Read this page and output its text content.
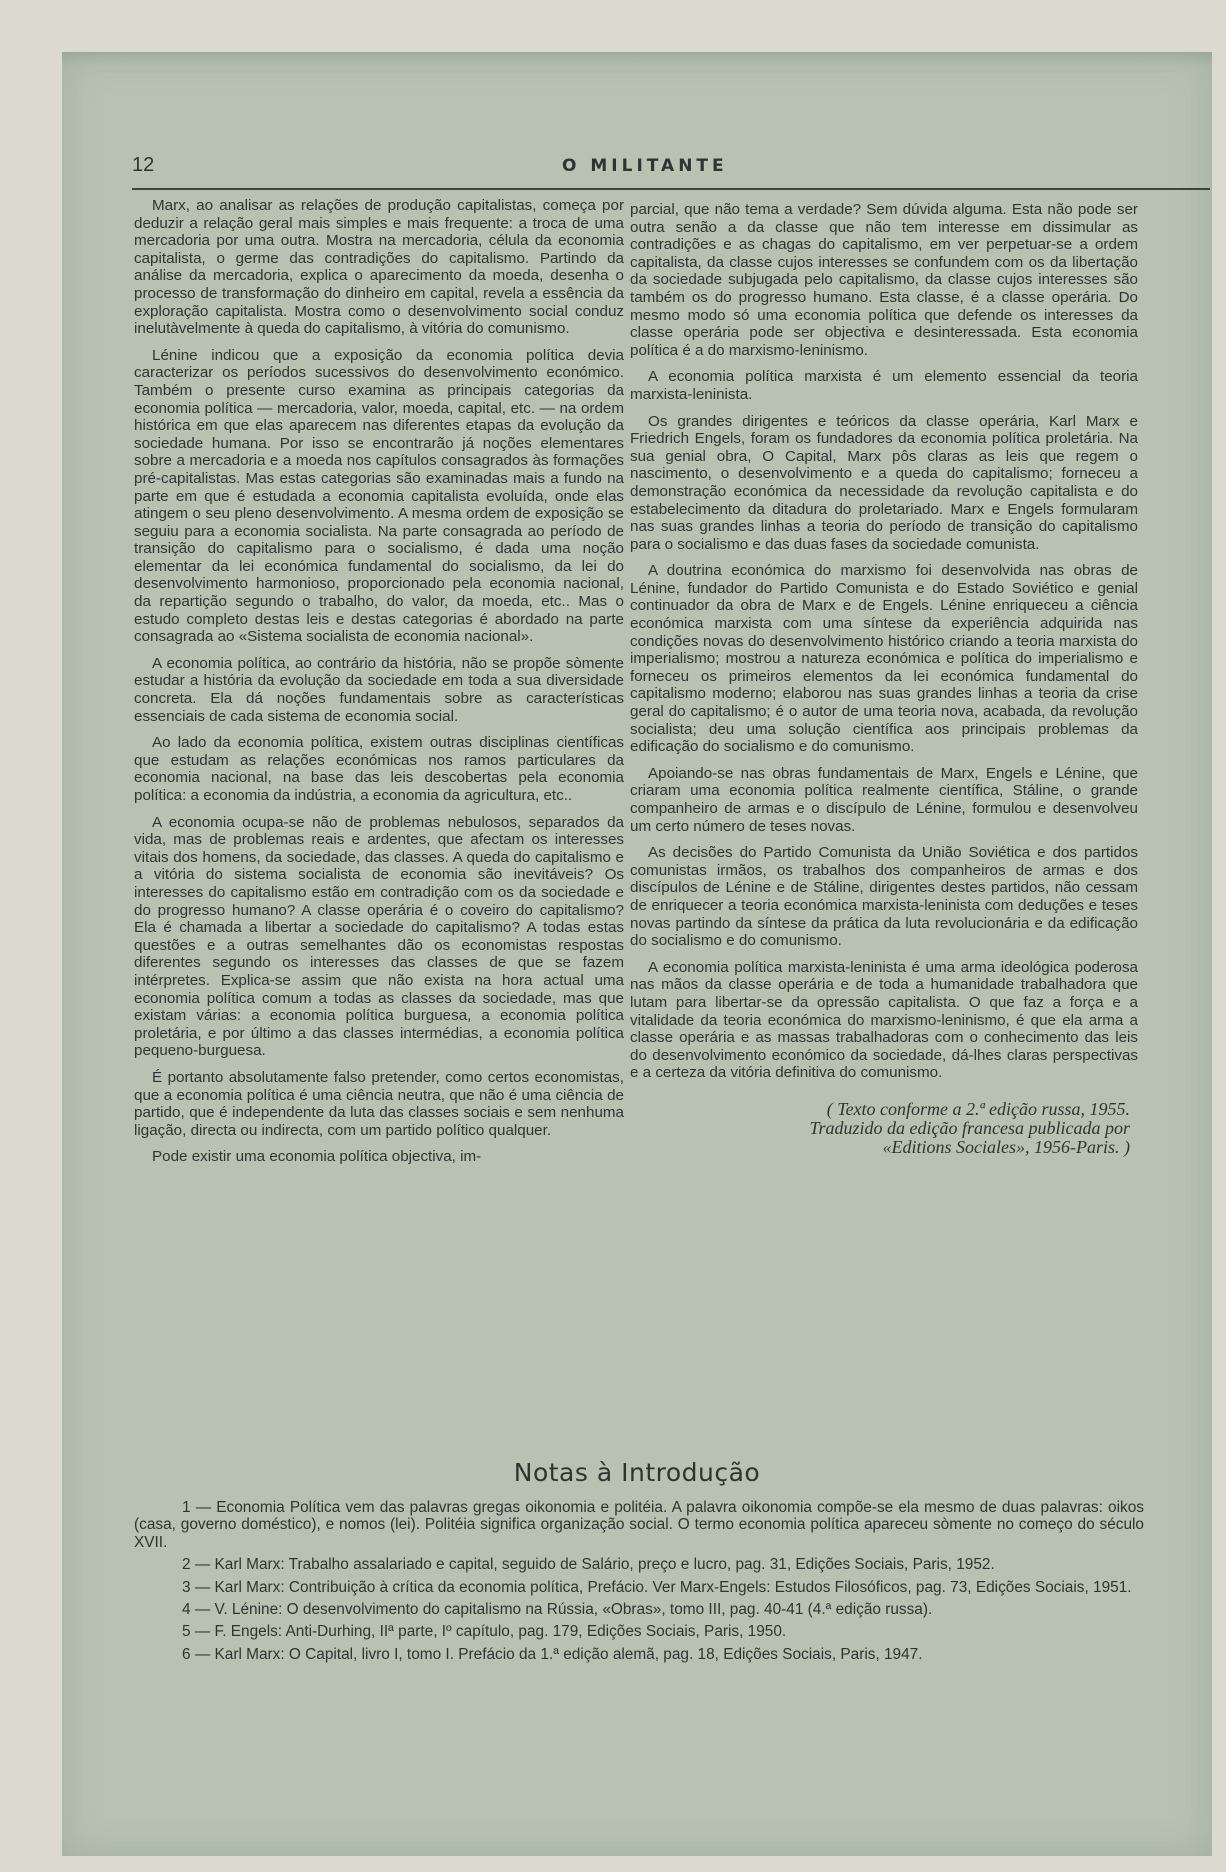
12	O MILITANTE

Marx, ao analisar as relações de produção capitalistas, começa por deduzir a relação geral mais simples e mais frequente: a troca de uma mercadoria por uma outra. Mostra na mercadoria, célula da economia capitalista, o germe das contradições do capitalismo. Partindo da análise da mercadoria, explica o aparecimento da moeda, desenha o processo de transformação do dinheiro em capital, revela a essência da exploração capitalista. Mostra como o desenvolvimento social conduz inelutàvelmente à queda do capitalismo, à vitória do comunismo.

Lénine indicou que a exposição da economia política devia caracterizar os períodos sucessivos do desenvolvimento económico. Também o presente curso examina as principais categorias da economia política — mercadoria, valor, moeda, capital, etc. — na ordem histórica em que elas aparecem nas diferentes etapas da evolução da sociedade humana. Por isso se encontrarão já noções elementares sobre a mercadoria e a moeda nos capítulos consagrados às formações pré-capitalistas. Mas estas categorias são examinadas mais a fundo na parte em que é estudada a economia capitalista evoluída, onde elas atingem o seu pleno desenvolvimento. A mesma ordem de exposição se seguiu para a economia socialista. Na parte consagrada ao período de transição do capitalismo para o socialismo, é dada uma noção elementar da lei económica fundamental do socialismo, da lei do desenvolvimento harmonioso, proporcionado pela economia nacional, da repartição segundo o trabalho, do valor, da moeda, etc.. Mas o estudo completo destas leis e destas categorias é abordado na parte consagrada ao «Sistema socialista de economia nacional».

A economia política, ao contrário da história, não se propõe sòmente estudar a história da evolução da sociedade em toda a sua diversidade concreta. Ela dá noções fundamentais sobre as características essenciais de cada sistema de economia social.

Ao lado da economia política, existem outras disciplinas científicas que estudam as relações económicas nos ramos particulares da economia nacional, na base das leis descobertas pela economia política: a economia da indústria, a economia da agricultura, etc..

A economia ocupa-se não de problemas nebulosos, separados da vida, mas de problemas reais e ardentes, que afectam os interesses vitais dos homens, da sociedade, das classes. A queda do capitalismo e a vitória do sistema socialista de economia são inevitáveis? Os interesses do capitalismo estão em contradição com os da sociedade e do progresso humano? A classe operária é o coveiro do capitalismo? Ela é chamada a libertar a sociedade do capitalismo? A todas estas questões e a outras semelhantes dão os economistas respostas diferentes segundo os interesses das classes de que se fazem intérpretes. Explica-se assim que não exista na hora actual uma economia política comum a todas as classes da sociedade, mas que existam várias: a economia política burguesa, a economia política proletária, e por último a das classes intermédias, a economia política pequeno-burguesa.

É portanto absolutamente falso pretender, como certos economistas, que a economia política é uma ciência neutra, que não é uma ciência de partido, que é independente da luta das classes sociais e sem nenhuma ligação, directa ou indirecta, com um partido político qualquer.

Pode existir uma economia política objectiva, im-

parcial, que não tema a verdade? Sem dúvida alguma. Esta não pode ser outra senão a da classe que não tem interesse em dissimular as contradições e as chagas do capitalismo, em ver perpetuar-se a ordem capitalista, da classe cujos interesses se confundem com os da libertação da sociedade subjugada pelo capitalismo, da classe cujos interesses são também os do progresso humano. Esta classe, é a classe operária. Do mesmo modo só uma economia política que defende os interesses da classe operária pode ser objectiva e desinteressada. Esta economia política é a do marxismo-leninismo.

A economia política marxista é um elemento essencial da teoria marxista-leninista.

Os grandes dirigentes e teóricos da classe operária, Karl Marx e Friedrich Engels, foram os fundadores da economia política proletária. Na sua genial obra, O Capital, Marx pôs claras as leis que regem o nascimento, o desenvolvimento e a queda do capitalismo; forneceu a demonstração económica da necessidade da revolução capitalista e do estabelecimento da ditadura do proletariado. Marx e Engels formularam nas suas grandes linhas a teoria do período de transição do capitalismo para o socialismo e das duas fases da sociedade comunista.

A doutrina económica do marxismo foi desenvolvida nas obras de Lénine, fundador do Partido Comunista e do Estado Soviético e genial continuador da obra de Marx e de Engels. Lénine enriqueceu a ciência económica marxista com uma síntese da experiência adquirida nas condições novas do desenvolvimento histórico criando a teoria marxista do imperialismo; mostrou a natureza económica e política do imperialismo e forneceu os primeiros elementos da lei económica fundamental do capitalismo moderno; elaborou nas suas grandes linhas a teoria da crise geral do capitalismo; é o autor de uma teoria nova, acabada, da revolução socialista; deu uma solução científica aos principais problemas da edificação do socialismo e do comunismo.

Apoiando-se nas obras fundamentais de Marx, Engels e Lénine, que criaram uma economia política realmente científica, Stáline, o grande companheiro de armas e o discípulo de Lénine, formulou e desenvolveu um certo número de teses novas.

As decisões do Partido Comunista da União Soviética e dos partidos comunistas irmãos, os trabalhos dos companheiros de armas e dos discípulos de Lénine e de Stáline, dirigentes destes partidos, não cessam de enriquecer a teoria económica marxista-leninista com deduções e teses novas partindo da síntese da prática da luta revolucionária e da edificação do socialismo e do comunismo.

A economia política marxista-leninista é uma arma ideológica poderosa nas mãos da classe operária e de toda a humanidade trabalhadora que lutam para libertar-se da opressão capitalista. O que faz a força e a vitalidade da teoria económica do marxismo-leninismo, é que ela arma a classe operária e as massas trabalhadoras com o conhecimento das leis do desenvolvimento económico da sociedade, dá-lhes claras perspectivas e a certeza da vitória definitiva do comunismo.

( Texto conforme a 2.ª edição russa, 1955.
Traduzido da edição francesa publicada por
«Editions Sociales», 1956-Paris. )
Notas à Introdução

1 — Economia Política vem das palavras gregas oikonomia e politéia. A palavra oikonomia compõe-se ela mesmo de duas palavras: oikos (casa, governo doméstico), e nomos (lei). Politéia significa organização social. O termo economia política apareceu sòmente no começo do século XVII.

2 — Karl Marx: Trabalho assalariado e capital, seguido de Salário, preço e lucro, pag. 31, Edições Sociais, Paris, 1952.

3 — Karl Marx: Contribuição à crítica da economia política, Prefácio. Ver Marx-Engels: Estudos Filosóficos, pag. 73, Edições Sociais, 1951.

4 — V. Lénine: O desenvolvimento do capitalismo na Rússia, «Obras», tomo III, pag. 40-41 (4.ª edição russa).

5 — F. Engels: Anti-Durhing, IIª parte, Iº capítulo, pag. 179, Edições Sociais, Paris, 1950.

6 — Karl Marx: O Capital, livro I, tomo I. Prefácio da 1.ª edição alemã, pag. 18, Edições Sociais, Paris, 1947.
